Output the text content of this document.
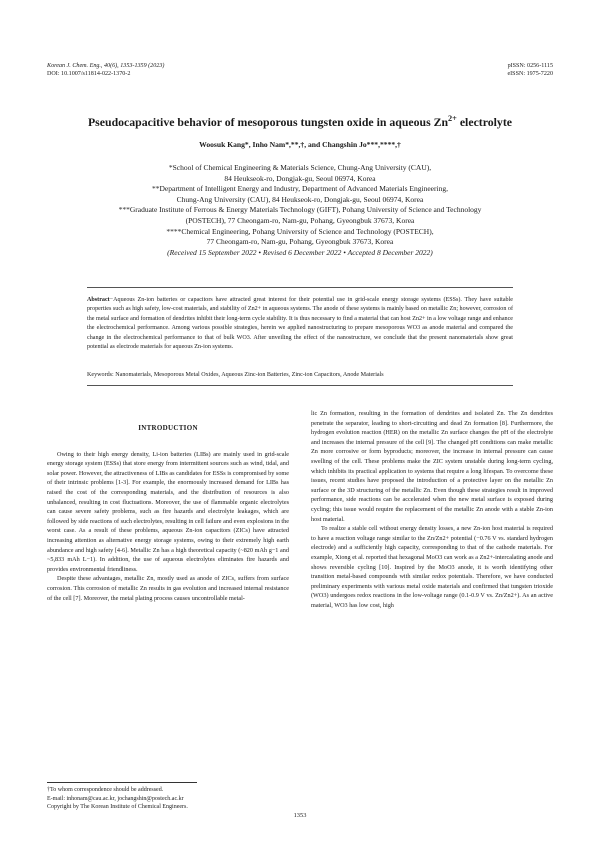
Korean J. Chem. Eng., 40(6), 1353-1359 (2023)
DOI: 10.1007/s11814-022-1370-2
pISSN: 0256-1115
eISSN: 1975-7220
Pseudocapacitive behavior of mesoporous tungsten oxide in aqueous $Zn^{2+}$ electrolyte
Woosuk Kang*, Inho Nam*,**,†, and Changshin Jo***,****,†
*School of Chemical Engineering & Materials Science, Chung-Ang University (CAU),
84 Heukseok-ro, Dongjak-gu, Seoul 06974, Korea
**Department of Intelligent Energy and Industry, Department of Advanced Materials Engineering,
Chung-Ang University (CAU), 84 Heukseok-ro, Dongjak-gu, Seoul 06974, Korea
***Graduate Institute of Ferrous & Energy Materials Technology (GIFT), Pohang University of Science and Technology
(POSTECH), 77 Cheongam-ro, Nam-gu, Pohang, Gyeongbuk 37673, Korea
****Chemical Engineering, Pohang University of Science and Technology (POSTECH),
77 Cheongam-ro, Nam-gu, Pohang, Gyeongbuk 37673, Korea
(Received 15 September 2022 • Revised 6 December 2022 • Accepted 8 December 2022)

Abstract−Aqueous Zn-ion batteries or capacitors have attracted great interest for their potential use in grid-scale energy storage systems (ESSs). They have suitable properties such as high safety, low-cost materials, and stability of Zn2+ in aqueous systems. The anode of these systems is mainly based on metallic Zn; however, corrosion of the metal surface and formation of dendrites inhibit their long-term cycle stability. It is thus necessary to find a material that can host Zn2+ in a low voltage range and enhance the electrochemical performance. Among various possible strategies, herein we applied nanostructuring to prepare mesoporous WO3 as anode material and compared the change in the electrochemical performance to that of bulk WO3. After unveiling the effect of the nanostructure, we conclude that the present nanomaterials show great potential as electrode materials for aqueous Zn-ion systems.

Keywords: Nanomaterials, Mesoporous Metal Oxides, Aqueous Zinc-ion Batteries, Zinc-ion Capacitors, Anode Materials

INTRODUCTION

Owing to their high energy density, Li-ion batteries (LIBs) are mainly used in grid-scale energy storage system (ESSs) that store energy from intermittent sources such as wind, tidal, and solar power. However, the attractiveness of LIBs as candidates for ESSs is compromised by some of their intrinsic problems [1-3]. For example, the enormously increased demand for LIBs has raised the cost of the corresponding materials, and the distribution of resources is also unbalanced, resulting in cost fluctuations. Moreover, the use of flammable organic electrolytes can cause severe safety problems, such as fire hazards and electrolyte leakages, which are followed by side reactions of such electrolytes, resulting in cell failure and even explosions in the worst case. As a result of these problems, aqueous Zn-ion capacitors (ZICs) have attracted increasing attention as alternative energy storage systems, owing to their extremely high earth abundance and high safety [4-6]. Metallic Zn has a high theoretical capacity (~820 mAh g−1 and ~5,833 mAh L−1). In addition, the use of aqueous electrolytes eliminates fire hazards and provides environmental friendliness.

Despite these advantages, metallic Zn, mostly used as anode of ZICs, suffers from surface corrosion. This corrosion of metallic Zn results in gas evolution and increased internal resistance of the cell [7]. Moreover, the metal plating process causes uncontrollable metal-

lic Zn formation, resulting in the formation of dendrites and isolated Zn. The Zn dendrites penetrate the separator, leading to short-circuiting and dead Zn formation [8]. Furthermore, the hydrogen evolution reaction (HER) on the metallic Zn surface changes the pH of the electrolyte and increases the internal pressure of the cell [9]. The changed pH conditions can make metallic Zn more corrosive or form byproducts; moreover, the increase in internal pressure can cause swelling of the cell. These problems make the ZIC system unstable during long-term cycling, which inhibits its practical application to systems that require a long lifespan. To overcome these issues, recent studies have proposed the introduction of a protective layer on the metallic Zn surface or the 3D structuring of the metallic Zn. Even though these strategies result in improved performance, side reactions can be accelerated when the new metal surface is exposed during cycling; this issue would require the replacement of the metallic Zn anode with a stable Zn-ion host material.

To realize a stable cell without energy density losses, a new Zn-ion host material is required to have a reaction voltage range similar to the Zn/Zn2+ potential (−0.76 V vs. standard hydrogen electrode) and a sufficiently high capacity, corresponding to that of the cathode materials. For example, Xiong et al. reported that hexagonal MoO3 can work as a Zn2+-intercalating anode and shows reversible cycling [10]. Inspired by the MoO3 anode, it is worth identifying other transition metal-based compounds with similar redox potentials. Therefore, we have conducted preliminary experiments with various metal oxide materials and confirmed that tungsten trioxide (WO3) undergoes redox reactions in the low-voltage range (0.1-0.9 V vs. Zn/Zn2+). As an active material, WO3 has low cost, high

†To whom correspondence should be addressed.
E-mail: inhonam@cau.ac.kr, jochangshin@postech.ac.kr
Copyright by The Korean Institute of Chemical Engineers.
1353
